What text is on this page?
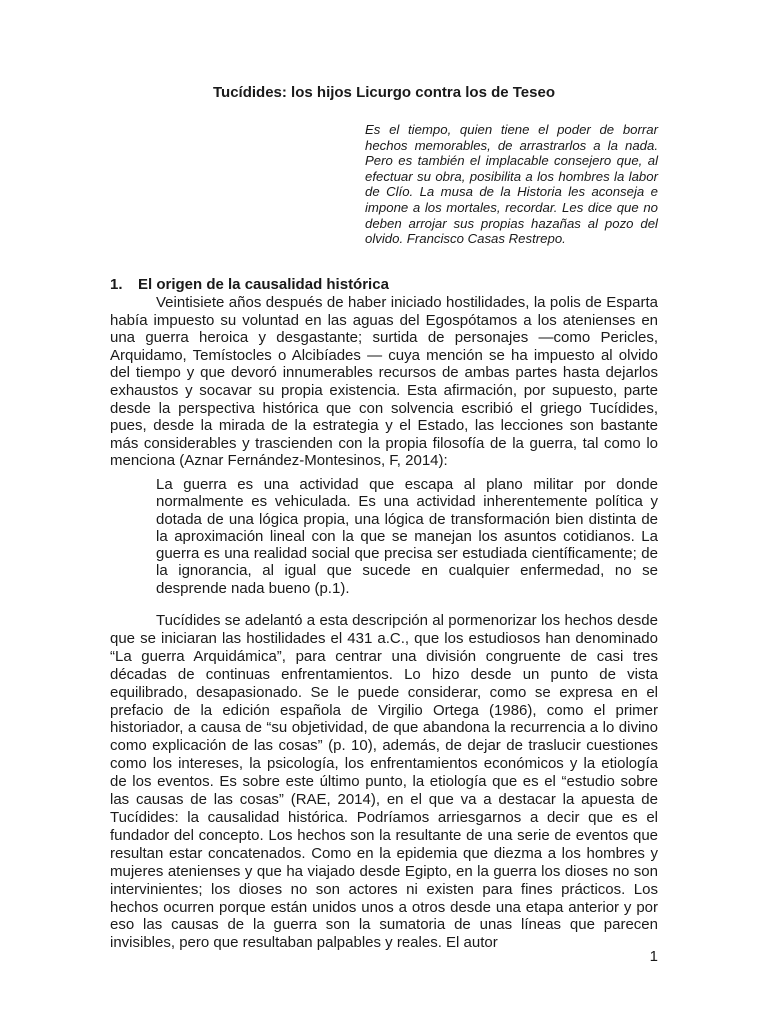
Tucídides: los hijos Licurgo contra los de Teseo
Es el tiempo, quien tiene el poder de borrar hechos memorables, de arrastrarlos a la nada. Pero es también el implacable consejero que, al efectuar su obra, posibilita a los hombres la labor de Clío. La musa de la Historia les aconseja e impone a los mortales, recordar. Les dice que no deben arrojar sus propias hazañas al pozo del olvido. Francisco Casas Restrepo.
1. El origen de la causalidad histórica

Veintisiete años después de haber iniciado hostilidades, la polis de Esparta había impuesto su voluntad en las aguas del Egospótamos a los atenienses en una guerra heroica y desgastante; surtida de personajes —como Pericles, Arquidamo, Temístocles o Alcibíades — cuya mención se ha impuesto al olvido del tiempo y que devoró innumerables recursos de ambas partes hasta dejarlos exhaustos y socavar su propia existencia. Esta afirmación, por supuesto, parte desde la perspectiva histórica que con solvencia escribió el griego Tucídides, pues, desde la mirada de la estrategia y el Estado, las lecciones son bastante más considerables y trascienden con la propia filosofía de la guerra, tal como lo menciona (Aznar Fernández-Montesinos, F, 2014):

La guerra es una actividad que escapa al plano militar por donde normalmente es vehiculada. Es una actividad inherentemente política y dotada de una lógica propia, una lógica de transformación bien distinta de la aproximación lineal con la que se manejan los asuntos cotidianos. La guerra es una realidad social que precisa ser estudiada científicamente; de la ignorancia, al igual que sucede en cualquier enfermedad, no se desprende nada bueno (p.1).

Tucídides se adelantó a esta descripción al pormenorizar los hechos desde que se iniciaran las hostilidades el 431 a.C., que los estudiosos han denominado “La guerra Arquidámica”, para centrar una división congruente de casi tres décadas de continuas enfrentamientos. Lo hizo desde un punto de vista equilibrado, desapasionado. Se le puede considerar, como se expresa en el prefacio de la edición española de Virgilio Ortega (1986), como el primer historiador, a causa de “su objetividad, de que abandona la recurrencia a lo divino como explicación de las cosas” (p. 10), además, de dejar de traslucir cuestiones como los intereses, la psicología, los enfrentamientos económicos y la etiología de los eventos. Es sobre este último punto, la etiología que es el “estudio sobre las causas de las cosas” (RAE, 2014), en el que va a destacar la apuesta de Tucídides: la causalidad histórica. Podríamos arriesgarnos a decir que es el fundador del concepto. Los hechos son la resultante de una serie de eventos que resultan estar concatenados. Como en la epidemia que diezma a los hombres y mujeres atenienses y que ha viajado desde Egipto, en la guerra los dioses no son intervinientes; los dioses no son actores ni existen para fines prácticos. Los hechos ocurren porque están unidos unos a otros desde una etapa anterior y por eso las causas de la guerra son la sumatoria de unas líneas que parecen invisibles, pero que resultaban palpables y reales. El autor

1
